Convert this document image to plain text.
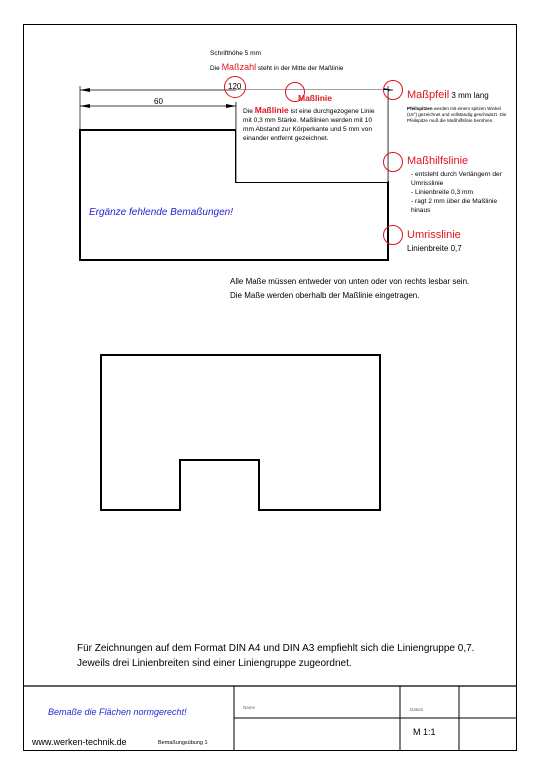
Schrifthöhe 5 mm
Die Maßzahl steht in der Mitte der Maßlinie
120
60	Maßlinie
Die Maßlinie ist eine durchgezogene Linie mit 0,3 mm Stärke. Maßlinien werden mit 10 mm Abstand zur Körperkante und 5 mm von einander entfernt gezeichnet.

Maßpfeil 3 mm lang

Pfeilspitzen werden mit einem spitzen Winkel (15°) gezeichnet und vollständig geschwärzt. Die Pfeilspitze muß die Maßhilfslinie berühren.

Maßhilfslinie

- entsteht durch Verlängern der Umrisslinie

- Linienbreite 0,3 mm

- ragt 2 mm über die Maßlinie hinaus

Umrisslinie

Linienbreite 0,7

Ergänze fehlende Bemaßungen!
Alle Maße müssen entweder von unten oder von rechts lesbar sein.
Die Maße werden oberhalb der Maßlinie eingetragen.
Für Zeichnungen auf dem Format DIN A4 und DIN A3 empfiehlt sich die Liniengruppe 0,7.
Jeweils drei Linienbreiten sind einer Liniengruppe zugeordnet.
Bemaße die Flächen normgerecht!
www.werken-technik.de	Bemaßungsübung 1
Name	Datum
M 1:1
